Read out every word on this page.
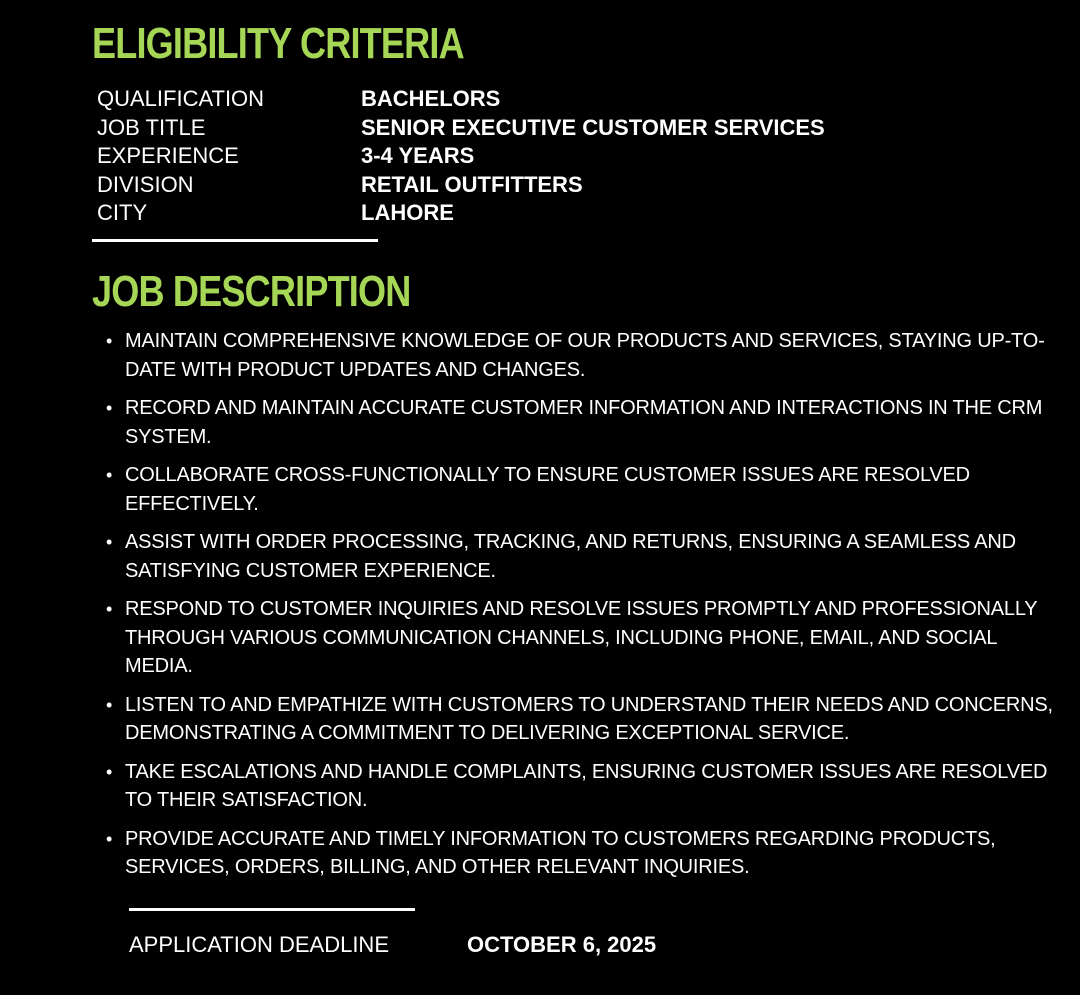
ELIGIBILITY CRITERIA
QUALIFICATION	BACHELORS
JOB TITLE	SENIOR EXECUTIVE CUSTOMER SERVICES
EXPERIENCE	3-4 YEARS
DIVISION	RETAIL OUTFITTERS
CITY	LAHORE
JOB DESCRIPTION
• MAINTAIN COMPREHENSIVE KNOWLEDGE OF OUR PRODUCTS AND SERVICES, STAYING UP-TO-DATE WITH PRODUCT UPDATES AND CHANGES.
• RECORD AND MAINTAIN ACCURATE CUSTOMER INFORMATION AND INTERACTIONS IN THE CRM SYSTEM.
• COLLABORATE CROSS-FUNCTIONALLY TO ENSURE CUSTOMER ISSUES ARE RESOLVED EFFECTIVELY.
• ASSIST WITH ORDER PROCESSING, TRACKING, AND RETURNS, ENSURING A SEAMLESS AND SATISFYING CUSTOMER EXPERIENCE.
• RESPOND TO CUSTOMER INQUIRIES AND RESOLVE ISSUES PROMPTLY AND PROFESSIONALLY THROUGH VARIOUS COMMUNICATION CHANNELS, INCLUDING PHONE, EMAIL, AND SOCIAL MEDIA.
• LISTEN TO AND EMPATHIZE WITH CUSTOMERS TO UNDERSTAND THEIR NEEDS AND CONCERNS, DEMONSTRATING A COMMITMENT TO DELIVERING EXCEPTIONAL SERVICE.
• TAKE ESCALATIONS AND HANDLE COMPLAINTS, ENSURING CUSTOMER ISSUES ARE RESOLVED TO THEIR SATISFACTION.
• PROVIDE ACCURATE AND TIMELY INFORMATION TO CUSTOMERS REGARDING PRODUCTS, SERVICES, ORDERS, BILLING, AND OTHER RELEVANT INQUIRIES.
APPLICATION DEADLINE	OCTOBER 6, 2025
